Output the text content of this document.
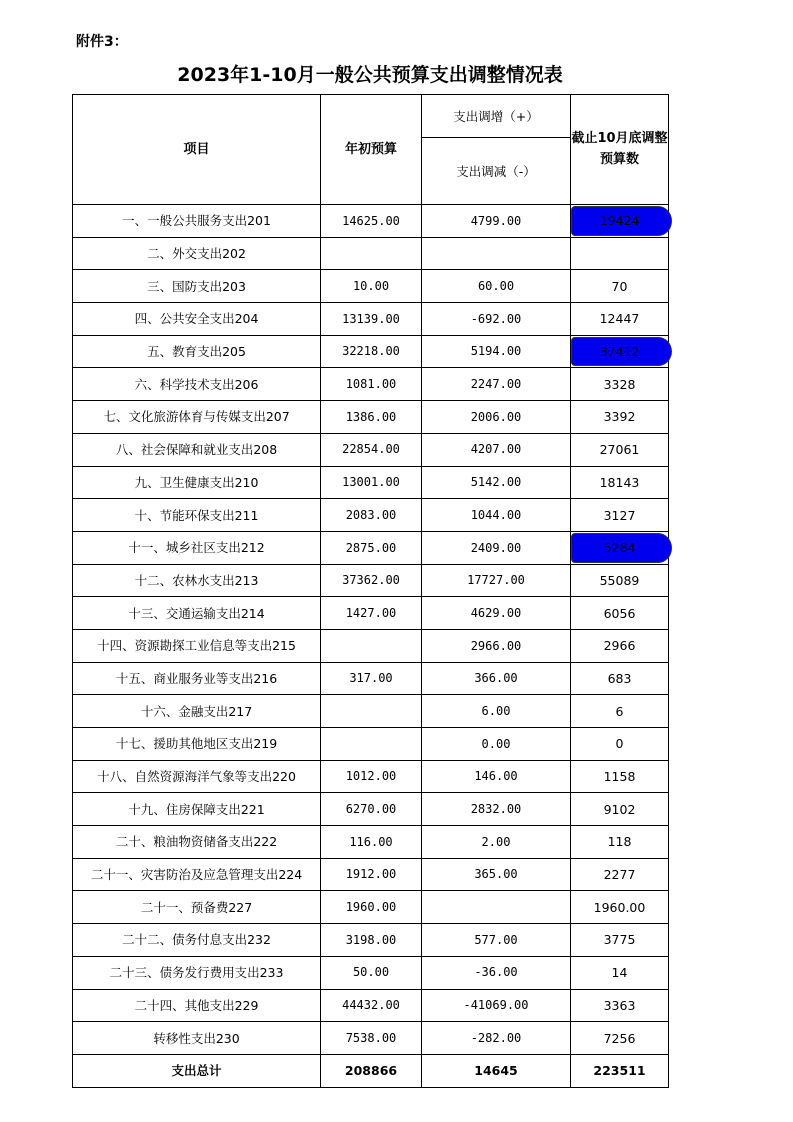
附件3：
2023年1-10月一般公共预算支出调整情况表
项目	年初预算	支出调增（+）	截止10月底调整预算数
		支出调减（-）	
一、一般公共服务支出201	14625.00	4799.00	19424
二、外交支出202			
三、国防支出203	10.00	60.00	70
四、公共安全支出204	13139.00	-692.00	12447
五、教育支出205	32218.00	5194.00	37412
六、科学技术支出206	1081.00	2247.00	3328
七、文化旅游体育与传媒支出207	1386.00	2006.00	3392
八、社会保障和就业支出208	22854.00	4207.00	27061
九、卫生健康支出210	13001.00	5142.00	18143
十、节能环保支出211	2083.00	1044.00	3127
十一、城乡社区支出212	2875.00	2409.00	5284
十二、农林水支出213	37362.00	17727.00	55089
十三、交通运输支出214	1427.00	4629.00	6056
十四、资源勘探工业信息等支出215		2966.00	2966
十五、商业服务业等支出216	317.00	366.00	683
十六、金融支出217		6.00	6
十七、援助其他地区支出219		0.00	0
十八、自然资源海洋气象等支出220	1012.00	146.00	1158
十九、住房保障支出221	6270.00	2832.00	9102
二十、粮油物资储备支出222	116.00	2.00	118
二十一、灾害防治及应急管理支出224	1912.00	365.00	2277
二十一、预备费227	1960.00		1960.00
二十二、债务付息支出232	3198.00	577.00	3775
二十三、债务发行费用支出233	50.00	-36.00	14
二十四、其他支出229	44432.00	-41069.00	3363
转移性支出230	7538.00	-282.00	7256
支出总计	208866	14645	223511
